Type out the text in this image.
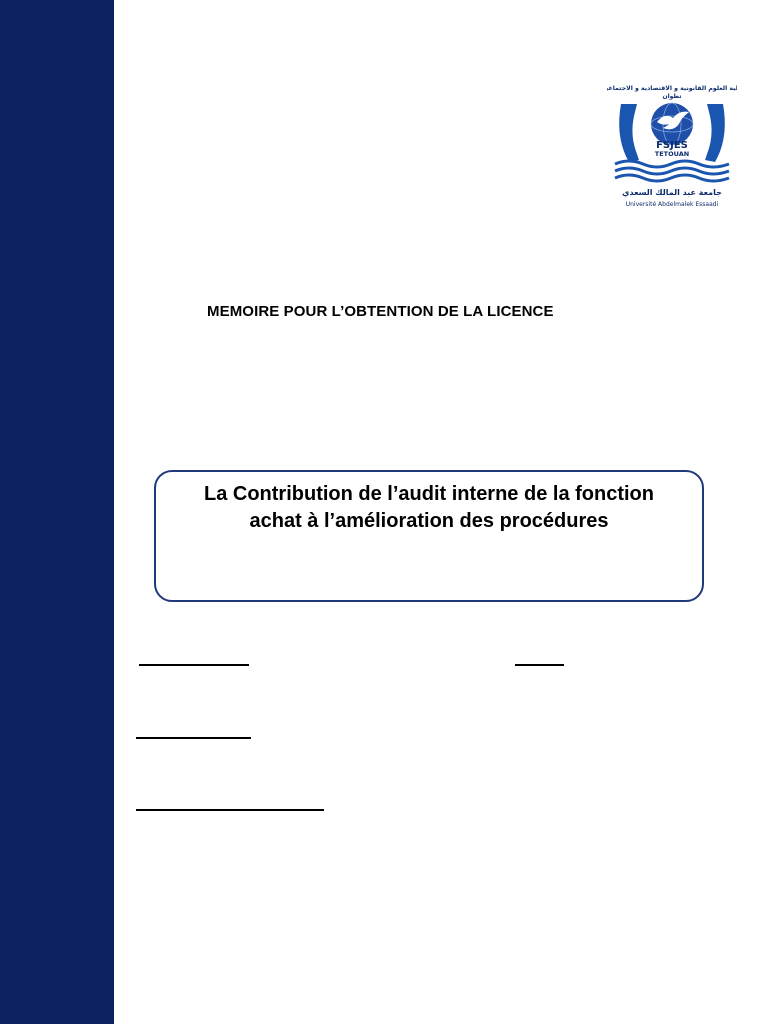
كلية العلوم القانونية و الاقتصادية و الاجتماعية
تطوان
FSJES
TETOUAN
جامعة عبد المالك السعدي
Université Abdelmalek Essaadi
MEMOIRE POUR L’OBTENTION DE LA LICENCE
La Contribution de l’audit interne de la fonction
achat à l’amélioration des procédures
